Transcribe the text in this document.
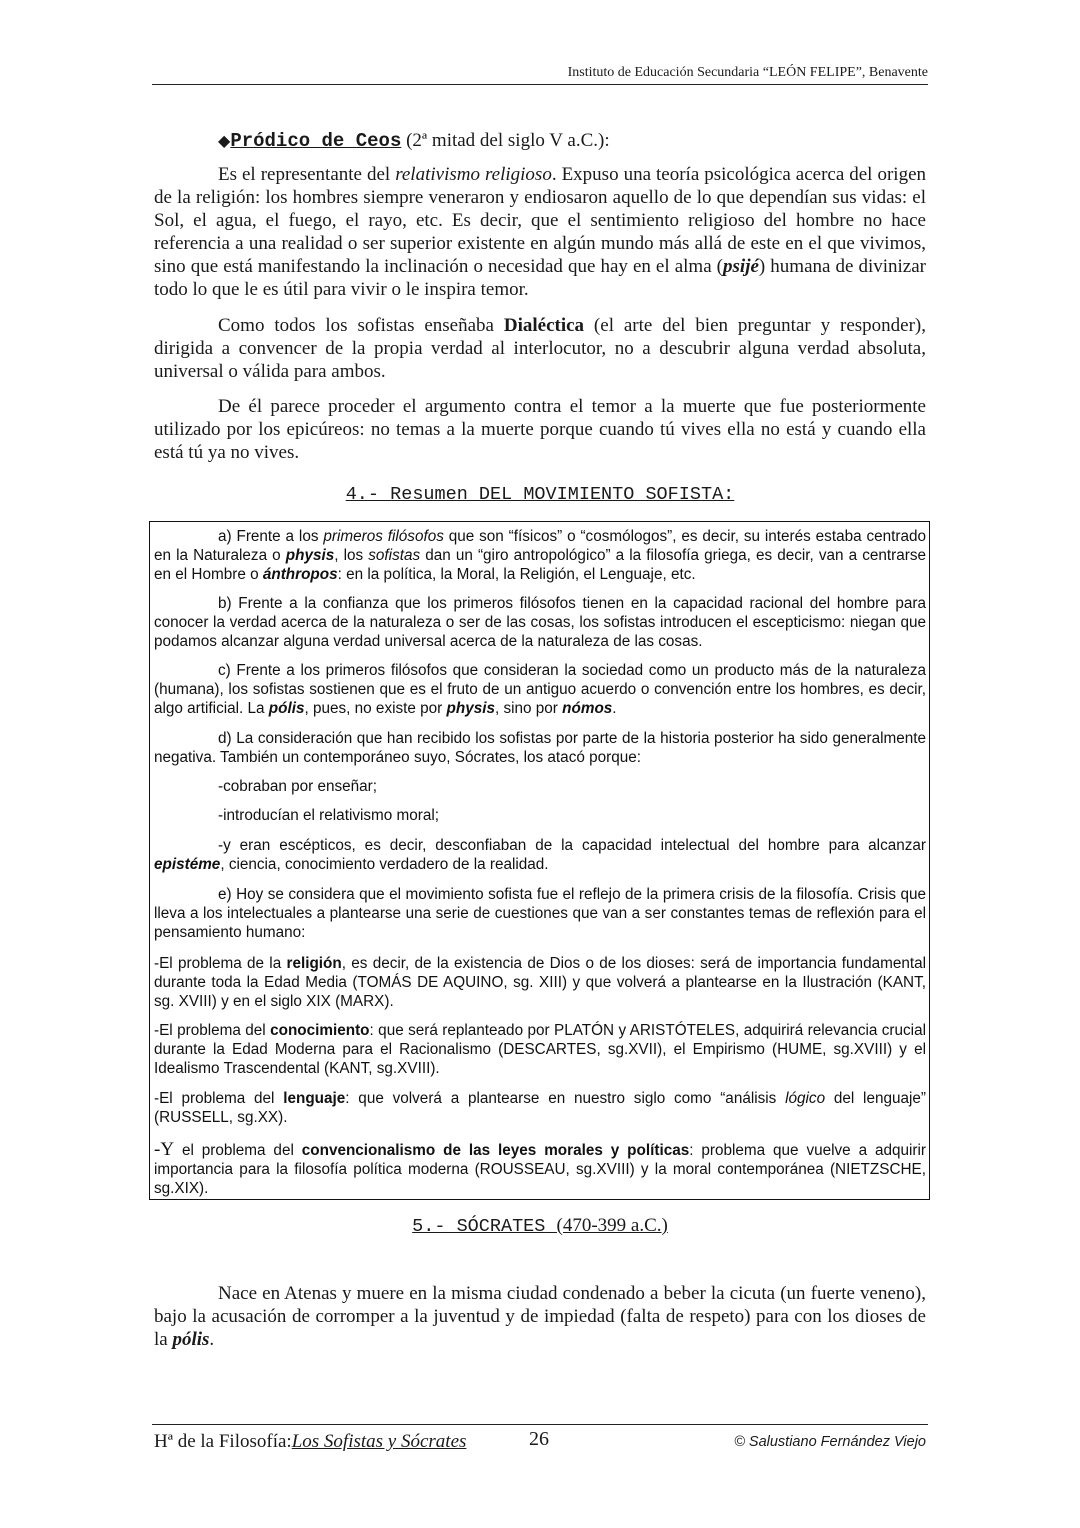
Instituto de Educación Secundaria “LEÓN FELIPE”, Benavente
◆Pródico de Ceos (2ª mitad del siglo V a.C.):
Es el representante del relativismo religioso. Expuso una teoría psicológica acerca del origen de la religión: los hombres siempre veneraron y endiosaron aquello de lo que dependían sus vidas: el Sol, el agua, el fuego, el rayo, etc. Es decir, que el sentimiento religioso del hombre no hace referencia a una realidad o ser superior existente en algún mundo más allá de este en el que vivimos, sino que está manifestando la inclinación o necesidad que hay en el alma (psijé) humana de divinizar todo lo que le es útil para vivir o le inspira temor.
Como todos los sofistas enseñaba Dialéctica (el arte del bien preguntar y responder), dirigida a convencer de la propia verdad al interlocutor, no a descubrir alguna verdad absoluta, universal o válida para ambos.
De él parece proceder el argumento contra el temor a la muerte que fue posteriormente utilizado por los epicúreos: no temas a la muerte porque cuando tú vives ella no está y cuando ella está tú ya no vives.
4.- Resumen DEL MOVIMIENTO SOFISTA:
a) Frente a los primeros filósofos que son “físicos” o “cosmólogos”, es decir, su interés estaba centrado en la Naturaleza o physis, los sofistas dan un “giro antropológico” a la filosofía griega, es decir, van a centrarse en el Hombre o ánthropos: en la política, la Moral, la Religión, el Lenguaje, etc.
b) Frente a la confianza que los primeros filósofos tienen en la capacidad racional del hombre para conocer la verdad acerca de la naturaleza o ser de las cosas, los sofistas introducen el escepticismo: niegan que podamos alcanzar alguna verdad universal acerca de la naturaleza de las cosas.
c) Frente a los primeros filósofos que consideran la sociedad como un producto más de la naturaleza (humana), los sofistas sostienen que es el fruto de un antiguo acuerdo o convención entre los hombres, es decir, algo artificial. La pólis, pues, no existe por physis, sino por nómos.
d) La consideración que han recibido los sofistas por parte de la historia posterior ha sido generalmente negativa. También un contemporáneo suyo, Sócrates, los atacó porque:
-cobraban por enseñar;
-introducían el relativismo moral;
-y eran escépticos, es decir, desconfiaban de la capacidad intelectual del hombre para alcanzar epistéme, ciencia, conocimiento verdadero de la realidad.
e) Hoy se considera que el movimiento sofista fue el reflejo de la primera crisis de la filosofía. Crisis que lleva a los intelectuales a plantearse una serie de cuestiones que van a ser constantes temas de reflexión para el pensamiento humano:
-El problema de la religión, es decir, de la existencia de Dios o de los dioses: será de importancia fundamental durante toda la Edad Media (TOMÁS DE AQUINO, sg. XIII) y que volverá a plantearse en la Ilustración (KANT, sg. XVIII) y en el siglo XIX (MARX).
-El problema del conocimiento: que será replanteado por PLATÓN y ARISTÓTELES, adquirirá relevancia crucial durante la Edad Moderna para el Racionalismo (DESCARTES, sg.XVII), el Empirismo (HUME, sg.XVIII) y el Idealismo Trascendental (KANT, sg.XVIII).
-El problema del lenguaje: que volverá a plantearse en nuestro siglo como “análisis lógico del lenguaje” (RUSSELL, sg.XX).
-Y el problema del convencionalismo de las leyes morales y políticas: problema que vuelve a adquirir importancia para la filosofía política moderna (ROUSSEAU, sg.XVIII) y la moral contemporánea (NIETZSCHE, sg.XIX).
5.- SÓCRATES (470-399 a.C.)
Nace en Atenas y muere en la misma ciudad condenado a beber la cicuta (un fuerte veneno), bajo la acusación de corromper a la juventud y de impiedad (falta de respeto) para con los dioses de la pólis.
Hª de la Filosofía:Los Sofistas y Sócrates	26	© Salustiano Fernández Viejo
